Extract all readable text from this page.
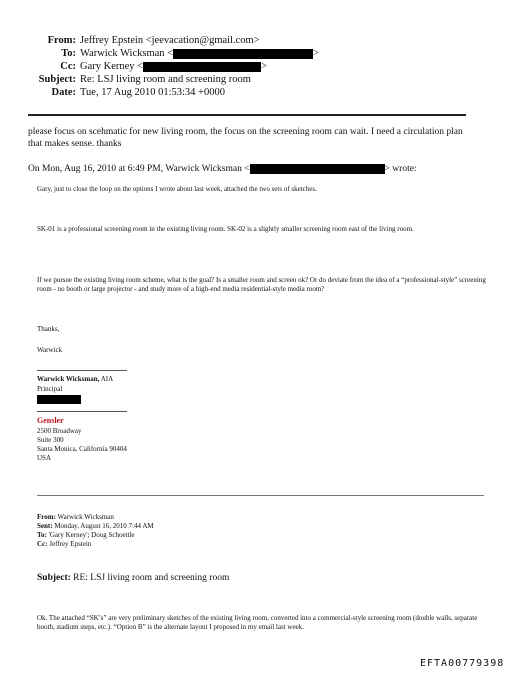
From: Jeffrey Epstein <jeevacation@gmail.com>
To: Warwick Wicksman <	>
Cc: Gary Kerney <	>
Subject: Re: LSJ living room and screening room
Date: Tue, 17 Aug 2010 01:53:34 +0000
please focus on scehmatic for new living room, the focus on the screening room can wait. I need a circulation plan that makes sense. thanks
On Mon, Aug 16, 2010 at 6:49 PM, Warwick Wicksman <	> wrote:
Gary, just to close the loop on the options I wrote about last week, attached the two sets of sketches.
SK-01 is a professional screening room in the existing living room. SK-02 is a slightly smaller screening room east of the living room.
If we pursue the existing living room scheme, what is the goal? Is a smaller room and screen ok? Or do deviate from the idea of a “professional-style” screening room - no booth or large projector - and study more of a high-end media residential-style media room?
Thanks,
Warwick
Warwick Wicksman, AIA
Principal
Gensler
2500 Broadway
Suite 300
Santa Monica, California 90404
USA
From: Warwick Wicksman
Sent: Monday, August 16, 2010 7:44 AM
To: 'Gary Kerney'; Doug Schoettle
Cc: Jeffrey Epstein
Subject: RE: LSJ living room and screening room
Ok. The attached “SK’s” are very preliminary sketches of the existing living room, converted into a commercial-style screening room (double walls, separate booth, stadium steps, etc.). “Option B” is the alternate layout I proposed in my email last week.
EFTA00779398
